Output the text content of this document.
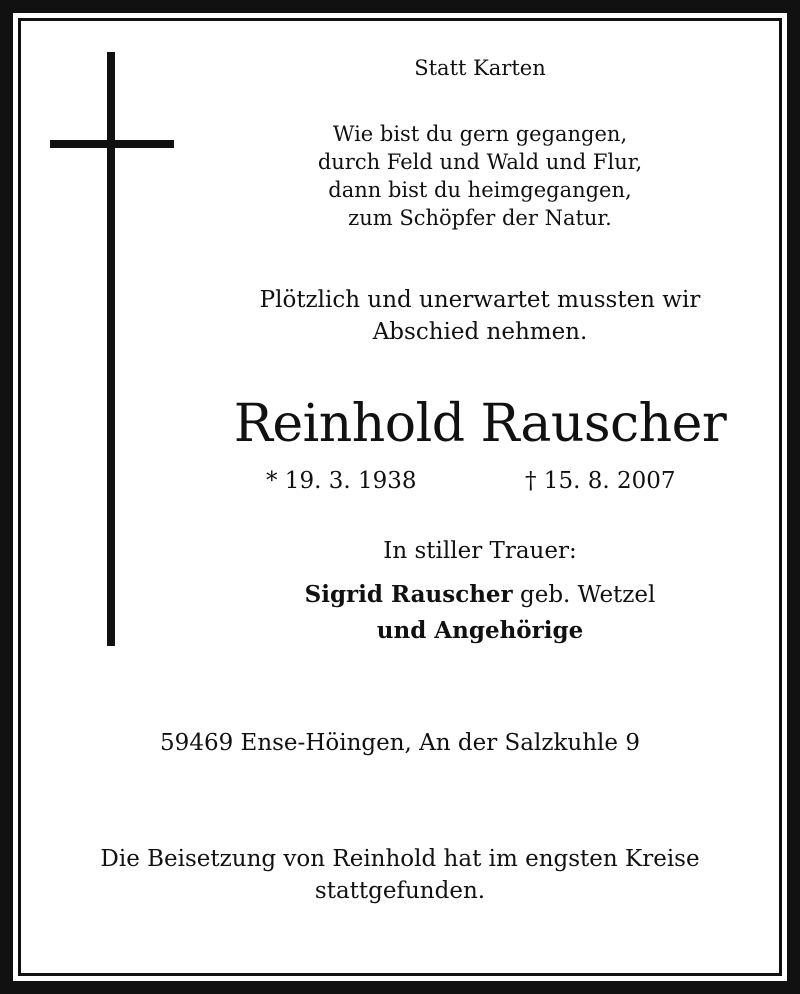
Statt Karten
Wie bist du gern gegangen,
durch Feld und Wald und Flur,
dann bist du heimgegangen,
zum Schöpfer der Natur.
Plötzlich und unerwartet mussten wir
Abschied nehmen.
Reinhold Rauscher
* 19. 3. 1938	† 15. 8. 2007
In stiller Trauer:
Sigrid Rauscher geb. Wetzel
und Angehörige
59469 Ense-Höingen, An der Salzkuhle 9
Die Beisetzung von Reinhold hat im engsten Kreise
stattgefunden.
